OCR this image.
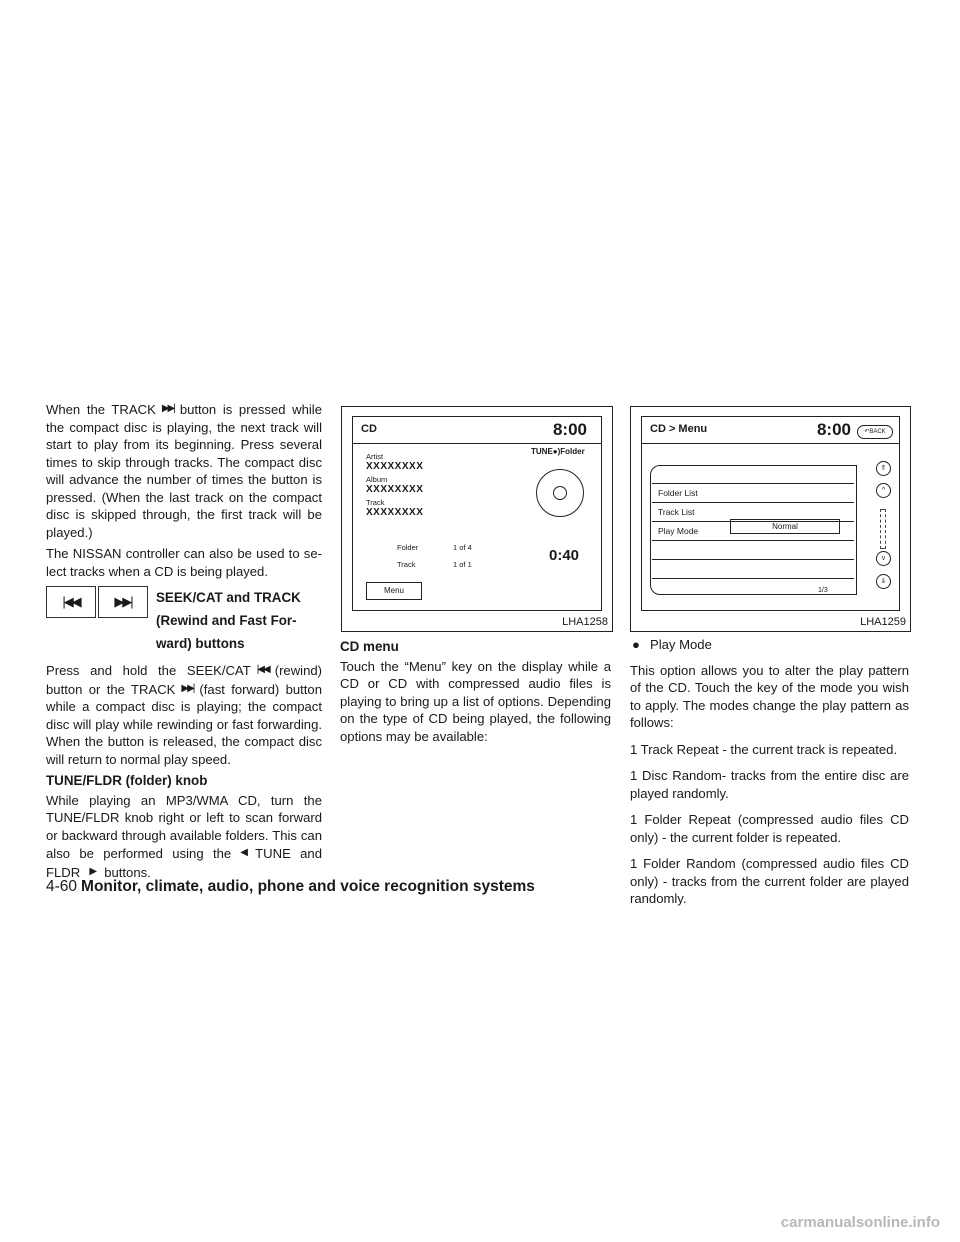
When the TRACK ▶▶| button is pressed while the compact disc is playing, the next track will start to play from its beginning. Press several times to skip through tracks. The compact disc will advance the number of times the button is pressed. (When the last track on the compact disc is skipped through, the first track will be played.)

The NISSAN controller can also be used to se-lect tracks when a CD is being played.

|◀◀	▶▶|	SEEK/CAT and TRACK
(Rewind and Fast For-
ward) buttons

Press and hold the SEEK/CAT |◀◀ (rewind) button or the TRACK ▶▶| (fast forward) button while a compact disc is playing; the compact disc will play while rewinding or fast forwarding. When the button is released, the compact disc will return to normal play speed.

TUNE/FLDR (folder) knob

While playing an MP3/WMA CD, turn the TUNE/FLDR knob right or left to scan forward or backward through available folders. This can also be performed using the ◀ TUNE and FLDR ▶ buttons.

CD	8:00
Artist
XXXXXXXX
Album
XXXXXXXX
Track
XXXXXXXX
TUNE●)Folder
Folder	1 of 4
Track	1 of 1
0:40
Menu
LHA1258
CD > Menu	8:00	↶BACK
Folder List
Track List
Play Mode	Normal
⇑
^
v
⇓
1/3
LHA1259
CD menu

Touch the “Menu” key on the display while a CD or CD with compressed audio files is playing to bring up a list of options. Depending on the type of CD being played, the following options may be available:

● Play Mode

This option allows you to alter the play pattern of the CD. Touch the key of the mode you wish to apply. The modes change the play pattern as follows:

1 Track Repeat - the current track is repeated.

1 Disc Random- tracks from the entire disc are played randomly.

1 Folder Repeat (compressed audio files CD only) - the current folder is repeated.

1 Folder Random (compressed audio files CD only) - tracks from the current folder are played randomly.

4-60 Monitor, climate, audio, phone and voice recognition systems
carmanualsonline.info
